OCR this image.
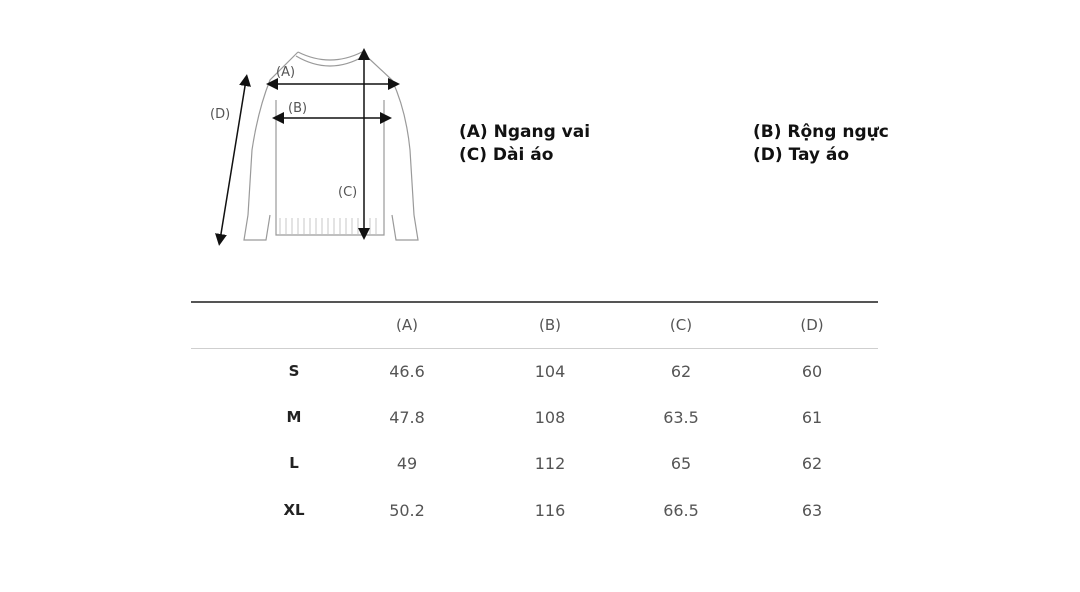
(A)
(B)
(C)
(D)
(A) Ngang vai
(C) Dài áo
(B) Rộng ngực
(D) Tay áo
(A)	(B)	(C)	(D)
S	46.6	104	62	60
M	47.8	108	63.5	61
L	49	112	65	62
XL	50.2	116	66.5	63
